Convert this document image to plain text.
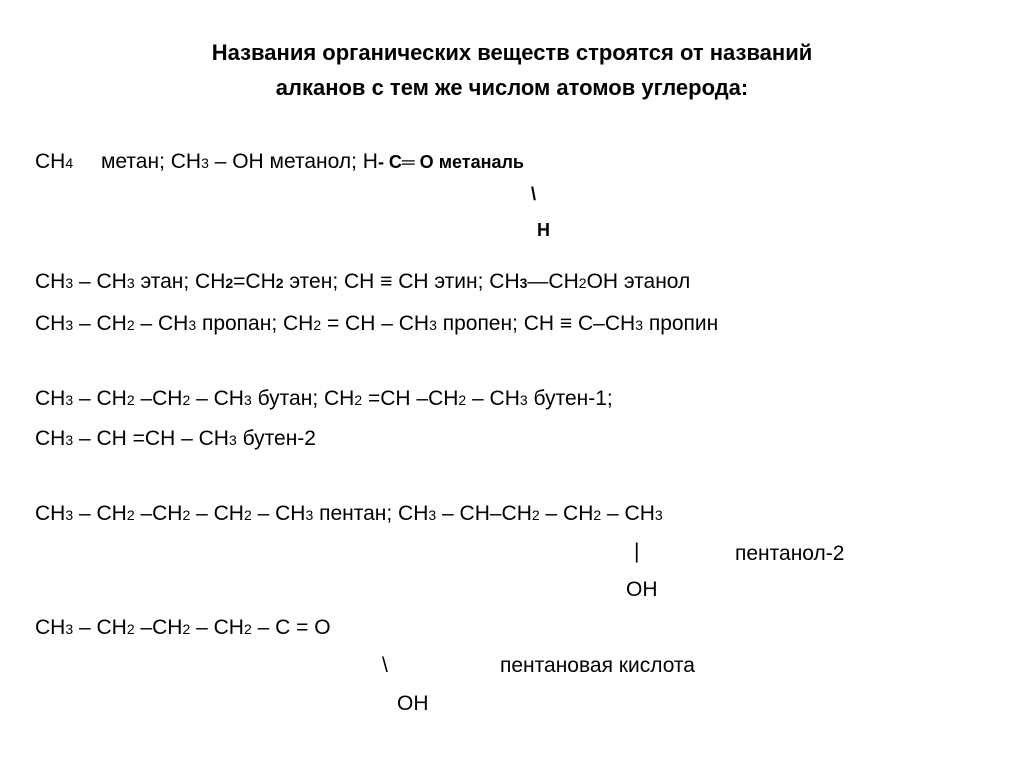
Названия органических веществ строятся от названий
алканов с тем же числом атомов углерода:
CH4 метан; CH3 – OH метанол; H- C═ O метаналь
\
H
CH3 – CH3 этан; CH2=CH2 этен; CH ≡ CH этин; CH3—CH2OH этанол
CH3 – CH2 – CH3 пропан; CH2 = CH – CH3 пропен; CH ≡ C–CH3 пропин
CH3 – CH2 –CH2 – CH3 бутан; CH2 =CH –CH2 – CH3 бутен-1;
CH3 – CH =CH – CH3 бутен-2
CH3 – CH2 –CH2 – CH2 – CH3 пентан; CH3 – CH–CH2 – CH2 – CH3
|	пентанол-2
OH
CH3 – CH2 –CH2 – CH2 – C = O
\	пентановая кислота
OH
